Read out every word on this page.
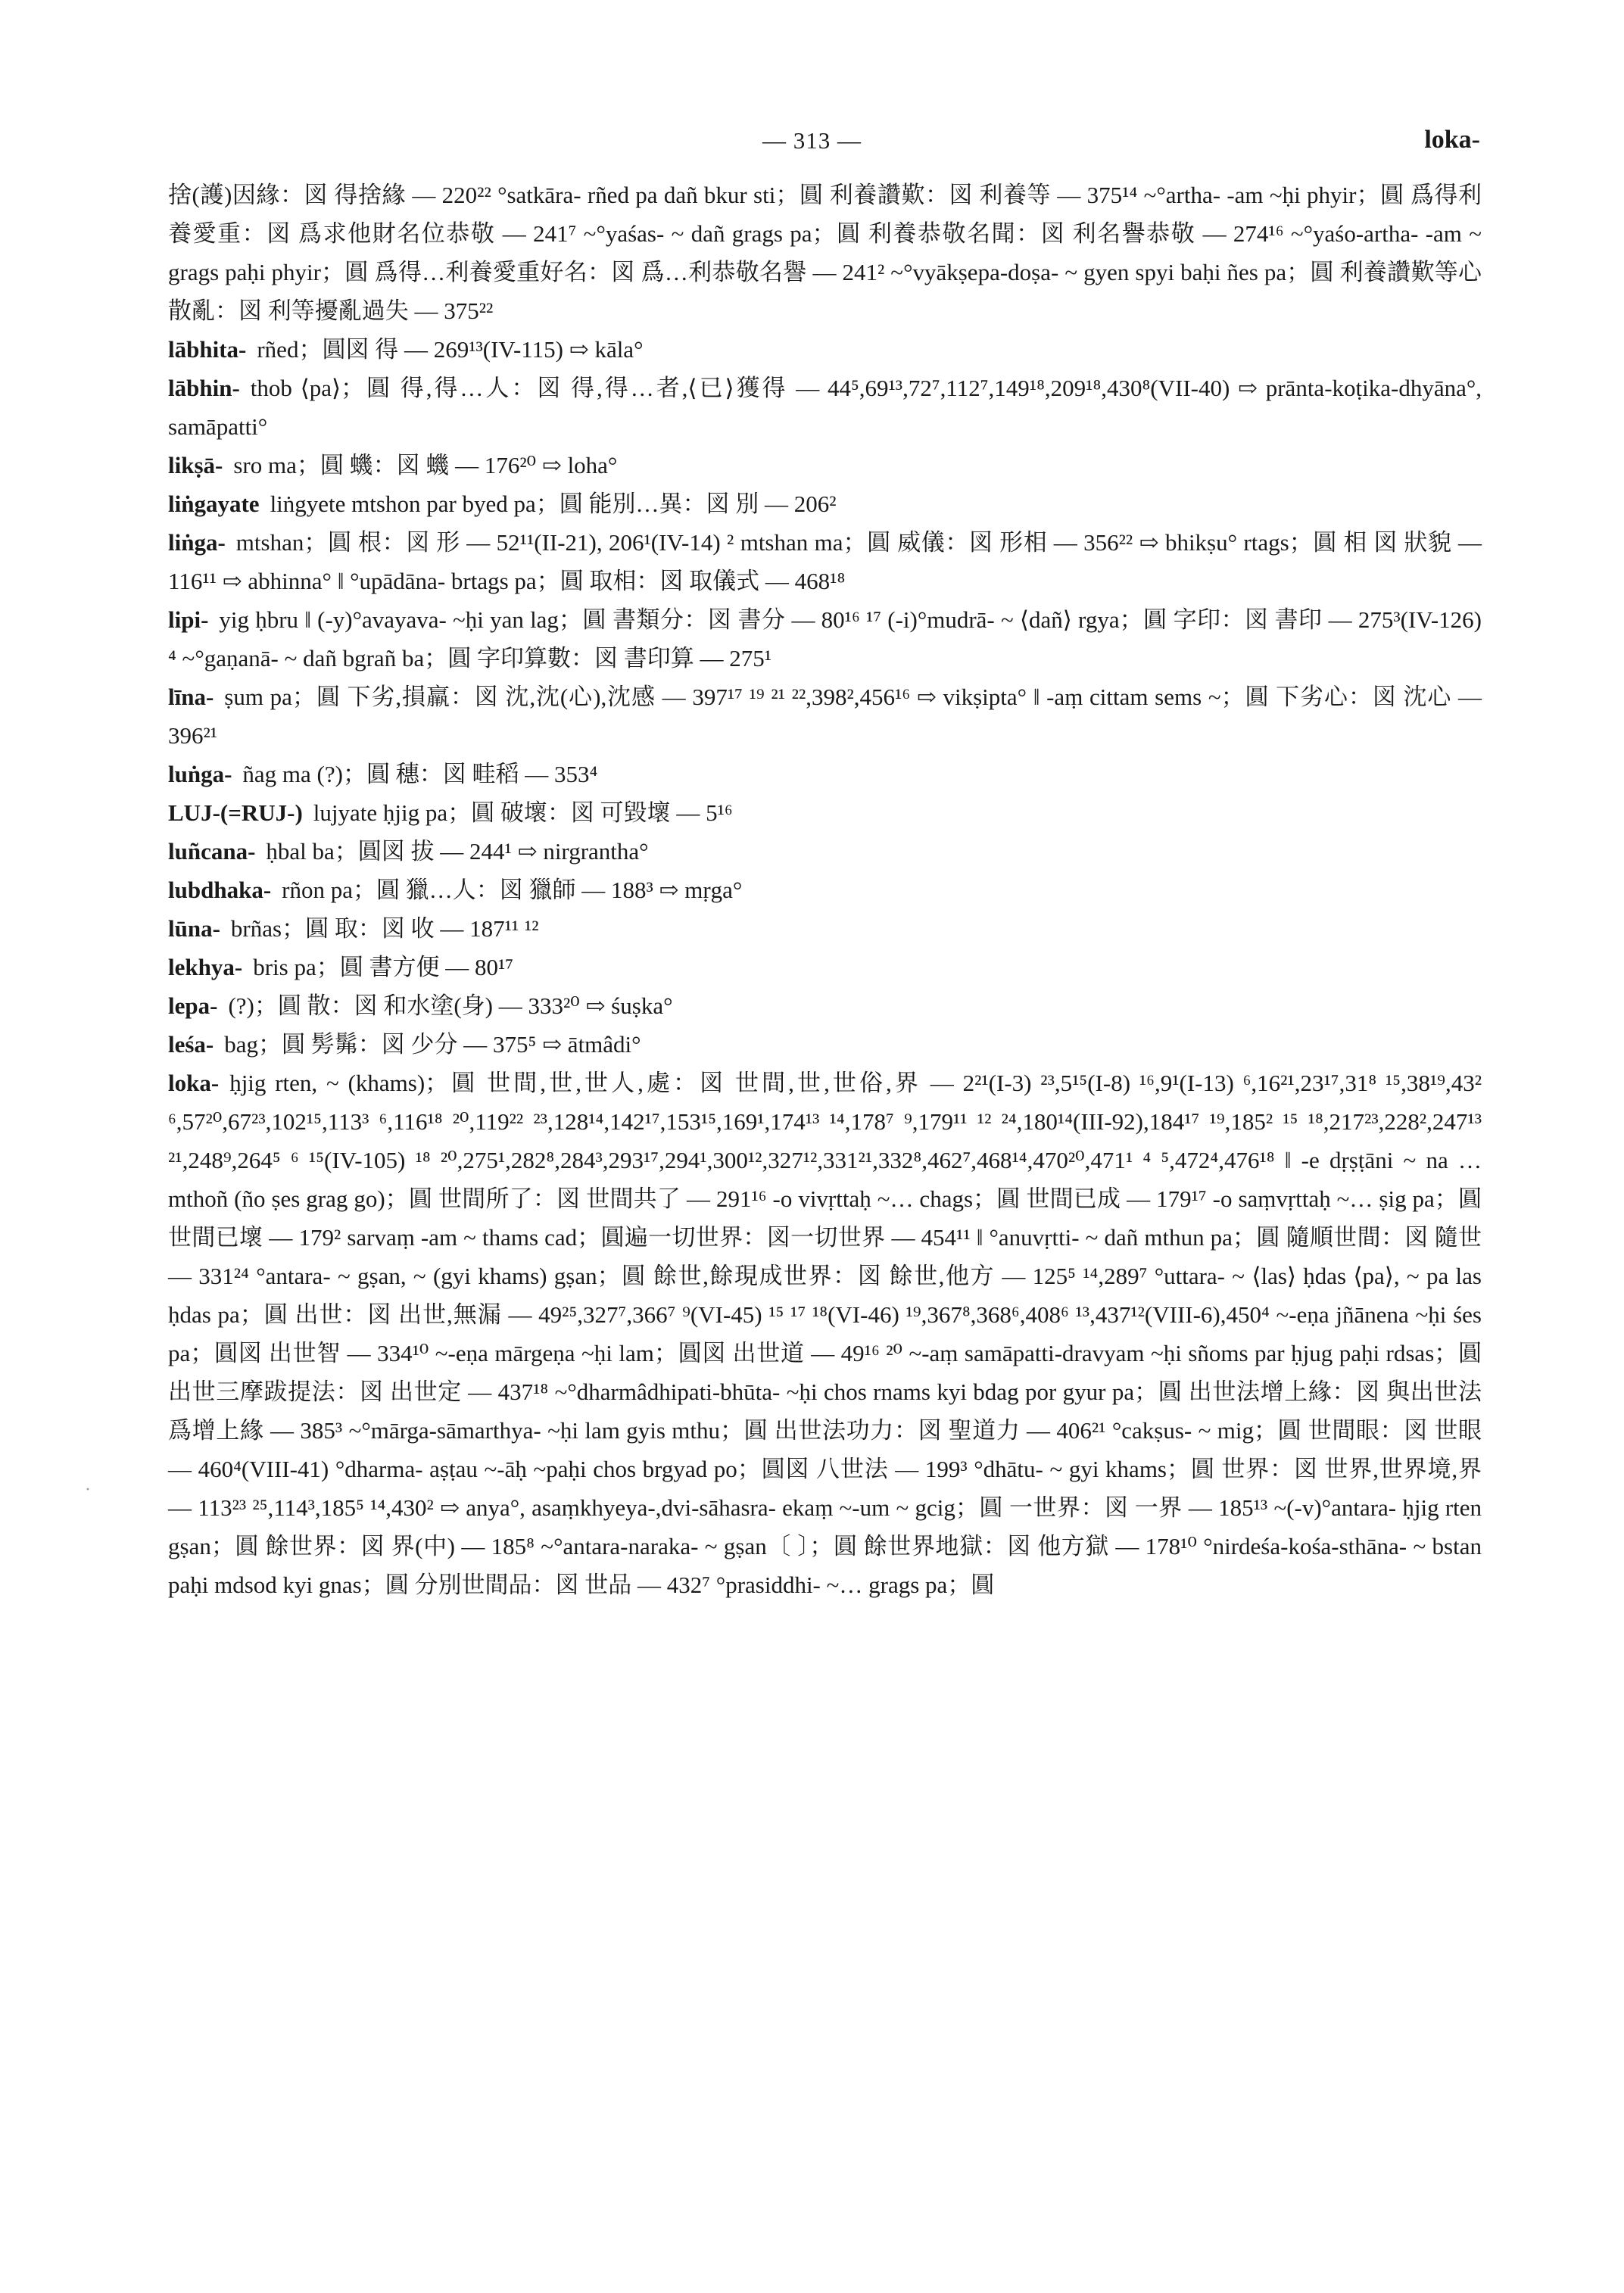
— 313 —	loka-

捨(護)因緣：図 得捨緣 — 220²² °satkāra- rñed pa dañ bkur sti；圓 利養讚歎：図 利養等 — 375¹⁴ ~°artha- -am ~ḥi phyir；圓 爲得利養愛重：図 爲求他財名位恭敬 — 241⁷ ~°yaśas- ~ dañ grags pa；圓 利養恭敬名聞：図 利名譽恭敬 — 274¹⁶ ~°yaśo-artha- -am ~ grags paḥi phyir；圓 爲得…利養愛重好名：図 爲…利恭敬名譽 — 241² ~°vyākṣepa-doṣa- ~ gyen spyi baḥi ñes pa；圓 利養讚歎等心散亂：図 利等擾亂過失 — 375²²

lābhita- rñed；圓図 得 — 269¹³(IV-115) ⇨ kāla°

lābhin- thob ⟨pa⟩；圓 得,得…人：図 得,得…者,⟨已⟩獲得 — 44⁵,69¹³,72⁷,112⁷,149¹⁸,209¹⁸,430⁸(VII-40) ⇨ prānta-koṭika-dhyāna°, samāpatti°

likṣā- sro ma；圓 蟣：図 蟣 — 176²⁰ ⇨ loha°

liṅgayate liṅgyete mtshon par byed pa；圓 能別…異：図 別 — 206²

liṅga- mtshan；圓 根：図 形 — 52¹¹(II-21), 206¹(IV-14) ² mtshan ma；圓 威儀：図 形相 — 356²² ⇨ bhikṣu° rtags；圓 相 図 狀貌 — 116¹¹ ⇨ abhinna° ‖ °upādāna- brtags pa；圓 取相：図 取儀式 — 468¹⁸

lipi- yig ḥbru ‖ (-y)°avayava- ~ḥi yan lag；圓 書類分：図 書分 — 80¹⁶ ¹⁷ (-i)°mudrā- ~ ⟨dañ⟩ rgya；圓 字印：図 書印 — 275³(IV-126) ⁴ ~°gaṇanā- ~ dañ bgrañ ba；圓 字印算數：図 書印算 — 275¹

līna- ṣum pa；圓 下劣,損羸：図 沈,沈(心),沈感 — 397¹⁷ ¹⁹ ²¹ ²²,398²,456¹⁶ ⇨ vikṣipta° ‖ -aṃ cittam sems ~；圓 下劣心：図 沈心 — 396²¹

luṅga- ñag ma (?)；圓 穗：図 畦稻 — 353⁴

LUJ-(=RUJ-) lujyate ḥjig pa；圓 破壞：図 可毀壞 — 5¹⁶

luñcana- ḥbal ba；圓図 拔 — 244¹ ⇨ nirgrantha°

lubdhaka- rñon pa；圓 獵…人：図 獵師 — 188³ ⇨ mṛga°

lūna- brñas；圓 取：図 收 — 187¹¹ ¹²

lekhya- bris pa；圓 書方便 — 80¹⁷

lepa- (?)；圓 散：図 和水塗(身) — 333²⁰ ⇨ śuṣka°

leśa- bag；圓 髣髴：図 少分 — 375⁵ ⇨ ātmâdi°

loka- ḥjig rten, ~ (khams)；圓 世間,世,世人,處：図 世間,世,世俗,界 — 2²¹(I-3) ²³,5¹⁵(I-8) ¹⁶,9¹(I-13) ⁶,16²¹,23¹⁷,31⁸ ¹⁵,38¹⁹,43² ⁶,57²⁰,67²³,102¹⁵,113³ ⁶,116¹⁸ ²⁰,119²² ²³,128¹⁴,142¹⁷,153¹⁵,169¹,174¹³ ¹⁴,178⁷ ⁹,179¹¹ ¹² ²⁴,180¹⁴(III-92),184¹⁷ ¹⁹,185² ¹⁵ ¹⁸,217²³,228²,247¹³ ²¹,248⁹,264⁵ ⁶ ¹⁵(IV-105) ¹⁸ ²⁰,275¹,282⁸,284³,293¹⁷,294¹,300¹²,327¹²,331²¹,332⁸,462⁷,468¹⁴,470²⁰,471¹ ⁴ ⁵,472⁴,476¹⁸ ‖ -e dṛṣṭāni ~ na … mthoñ (ño ṣes grag go)；圓 世間所了：図 世間共了 — 291¹⁶ -o vivṛttaḥ ~… chags；圓 世間已成 — 179¹⁷ -o saṃvṛttaḥ ~… ṣig pa；圓 世間已壞 — 179² sarvaṃ -am ~ thams cad；圓遍一切世界：図一切世界 — 454¹¹ ‖ °anuvṛtti- ~ dañ mthun pa；圓 隨順世間：図 隨世 — 331²⁴ °antara- ~ gṣan, ~ (gyi khams) gṣan；圓 餘世,餘現成世界：図 餘世,他方 — 125⁵ ¹⁴,289⁷ °uttara- ~ ⟨las⟩ ḥdas ⟨pa⟩, ~ pa las ḥdas pa；圓 出世：図 出世,無漏 — 49²⁵,327⁷,366⁷ ⁹(VI-45) ¹⁵ ¹⁷ ¹⁸(VI-46) ¹⁹,367⁸,368⁶,408⁶ ¹³,437¹²(VIII-6),450⁴ ~-eṇa jñānena ~ḥi śes pa；圓図 出世智 — 334¹⁰ ~-eṇa mārgeṇa ~ḥi lam；圓図 出世道 — 49¹⁶ ²⁰ ~-aṃ samāpatti-dravyam ~ḥi sñoms par ḥjug paḥi rdsas；圓 出世三摩跋提法：図 出世定 — 437¹⁸ ~°dharmâdhipati-bhūta- ~ḥi chos rnams kyi bdag por gyur pa；圓 出世法增上緣：図 與出世法爲增上緣 — 385³ ~°mārga-sāmarthya- ~ḥi lam gyis mthu；圓 出世法功力：図 聖道力 — 406²¹ °cakṣus- ~ mig；圓 世間眼：図 世眼 — 460⁴(VIII-41) °dharma- aṣṭau ~-āḥ ~paḥi chos brgyad po；圓図 八世法 — 199³ °dhātu- ~ gyi khams；圓 世界：図 世界,世界境,界 — 113²³ ²⁵,114³,185⁵ ¹⁴,430² ⇨ anya°, asaṃkhyeya-,dvi-sāhasra- ekaṃ ~-um ~ gcig；圓 一世界：図 一界 — 185¹³ ~(-v)°antara- ḥjig rten gṣan；圓 餘世界：図 界(中) — 185⁸ ~°antara-naraka- ~ gṣan〔 〕；圓 餘世界地獄：図 他方獄 — 178¹⁰ °nirdeśa-kośa-sthāna- ~ bstan paḥi mdsod kyi gnas；圓 分別世間品：図 世品 — 432⁷ °prasiddhi- ~… grags pa；圓

·
